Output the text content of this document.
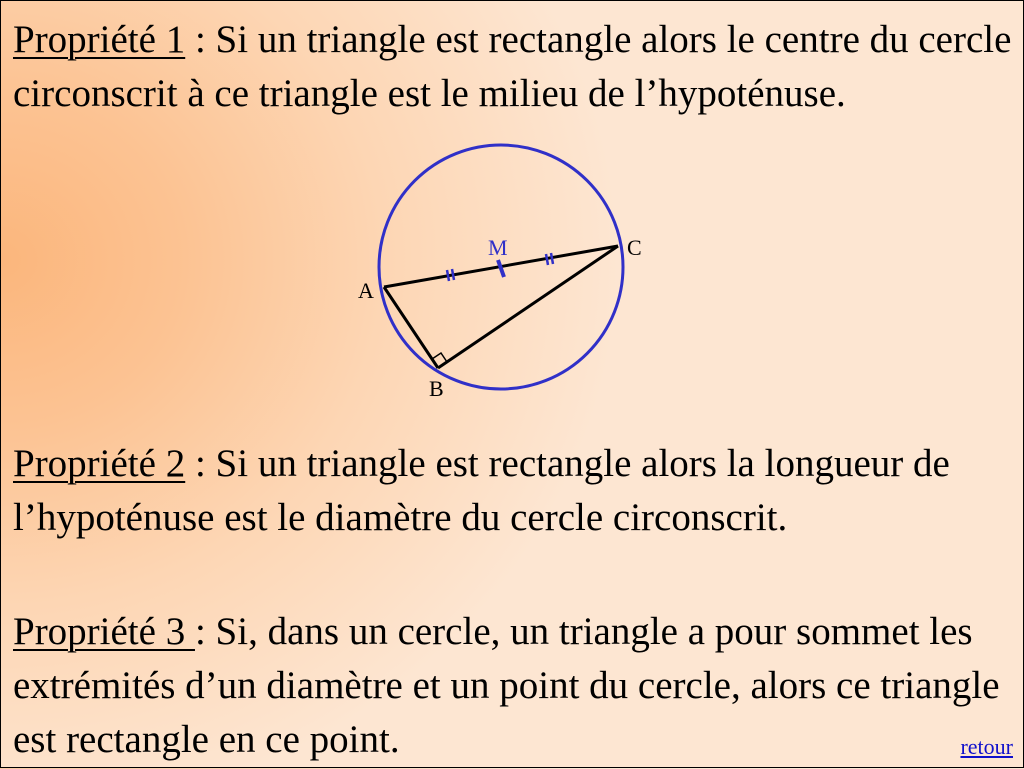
Propriété 1 : Si un triangle est rectangle alors le centre du cercle circonscrit à ce triangle est le milieu de l’hypoténuse.

A
B
C
M

Propriété 2 : Si un triangle est rectangle alors la longueur de l’hypoténuse est le diamètre du cercle circonscrit.

Propriété 3 : Si, dans un cercle, un triangle a pour sommet les extrémités d’un diamètre et un point du cercle, alors ce triangle est rectangle en ce point.	retour
